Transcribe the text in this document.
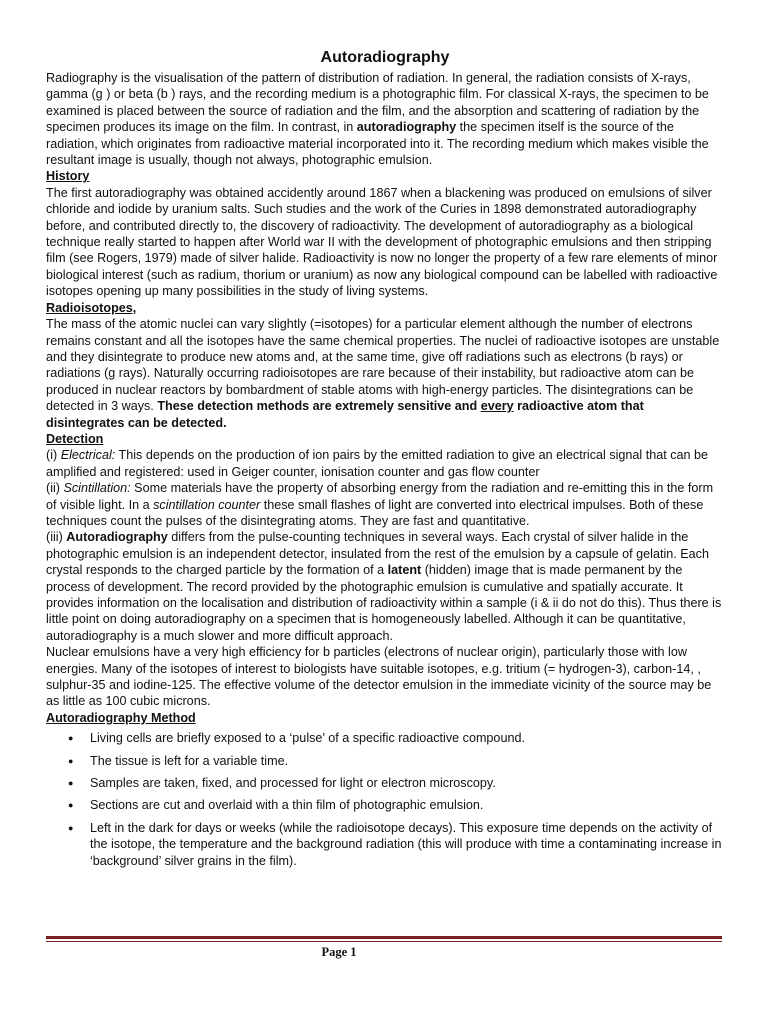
Autoradiography

Radiography is the visualisation of the pattern of distribution of radiation. In general, the radiation consists of X-rays, gamma (g ) or beta (b ) rays, and the recording medium is a photographic film. For classical X-rays, the specimen to be examined is placed between the source of radiation and the film, and the absorption and scattering of radiation by the specimen produces its image on the film. In contrast, in autoradiography the specimen itself is the source of the radiation, which originates from radioactive material incorporated into it. The recording medium which makes visible the resultant image is usually, though not always, photographic emulsion.

History

The first autoradiography was obtained accidently around 1867 when a blackening was produced on emulsions of silver chloride and iodide by uranium salts. Such studies and the work of the Curies in 1898 demonstrated autoradiography before, and contributed directly to, the discovery of radioactivity. The development of autoradiography as a biological technique really started to happen after World war II with the development of photographic emulsions and then stripping film (see Rogers, 1979) made of silver halide. Radioactivity is now no longer the property of a few rare elements of minor biological interest (such as radium, thorium or uranium) as now any biological compound can be labelled with radioactive isotopes opening up many possibilities in the study of living systems.

Radioisotopes,

The mass of the atomic nuclei can vary slightly (=isotopes) for a particular element although the number of electrons remains constant and all the isotopes have the same chemical properties. The nuclei of radioactive isotopes are unstable and they disintegrate to produce new atoms and, at the same time, give off radiations such as electrons (b rays) or radiations (g rays). Naturally occurring radioisotopes are rare because of their instability, but radioactive atom can be produced in nuclear reactors by bombardment of stable atoms with high-energy particles. The disintegrations can be detected in 3 ways. These detection methods are extremely sensitive and every radioactive atom that disintegrates can be detected.

Detection

(i) Electrical: This depends on the production of ion pairs by the emitted radiation to give an electrical signal that can be amplified and registered: used in Geiger counter, ionisation counter and gas flow counter

(ii) Scintillation: Some materials have the property of absorbing energy from the radiation and re-emitting this in the form of visible light. In a scintillation counter these small flashes of light are converted into electrical impulses. Both of these techniques count the pulses of the disintegrating atoms. They are fast and quantitative.

(iii) Autoradiography differs from the pulse-counting techniques in several ways. Each crystal of silver halide in the photographic emulsion is an independent detector, insulated from the rest of the emulsion by a capsule of gelatin. Each crystal responds to the charged particle by the formation of a latent (hidden) image that is made permanent by the process of development. The record provided by the photographic emulsion is cumulative and spatially accurate. It provides information on the localisation and distribution of radioactivity within a sample (i & ii do not do this). Thus there is little point on doing autoradiography on a specimen that is homogeneously labelled. Although it can be quantitative, autoradiography is a much slower and more difficult approach.

Nuclear emulsions have a very high efficiency for b particles (electrons of nuclear origin), particularly those with low energies. Many of the isotopes of interest to biologists have suitable isotopes, e.g. tritium (= hydrogen-3), carbon-14, , sulphur-35 and iodine-125. The effective volume of the detector emulsion in the immediate vicinity of the source may be as little as 100 cubic microns.

Autoradiography Method

● Living cells are briefly exposed to a ‘pulse’ of a specific radioactive compound.
● The tissue is left for a variable time.
● Samples are taken, fixed, and processed for light or electron microscopy.
● Sections are cut and overlaid with a thin film of photographic emulsion.
● Left in the dark for days or weeks (while the radioisotope decays). This exposure time depends on the activity of the isotope, the temperature and the background radiation (this will produce with time a contaminating increase in ‘background’ silver grains in the film).
Page 1
